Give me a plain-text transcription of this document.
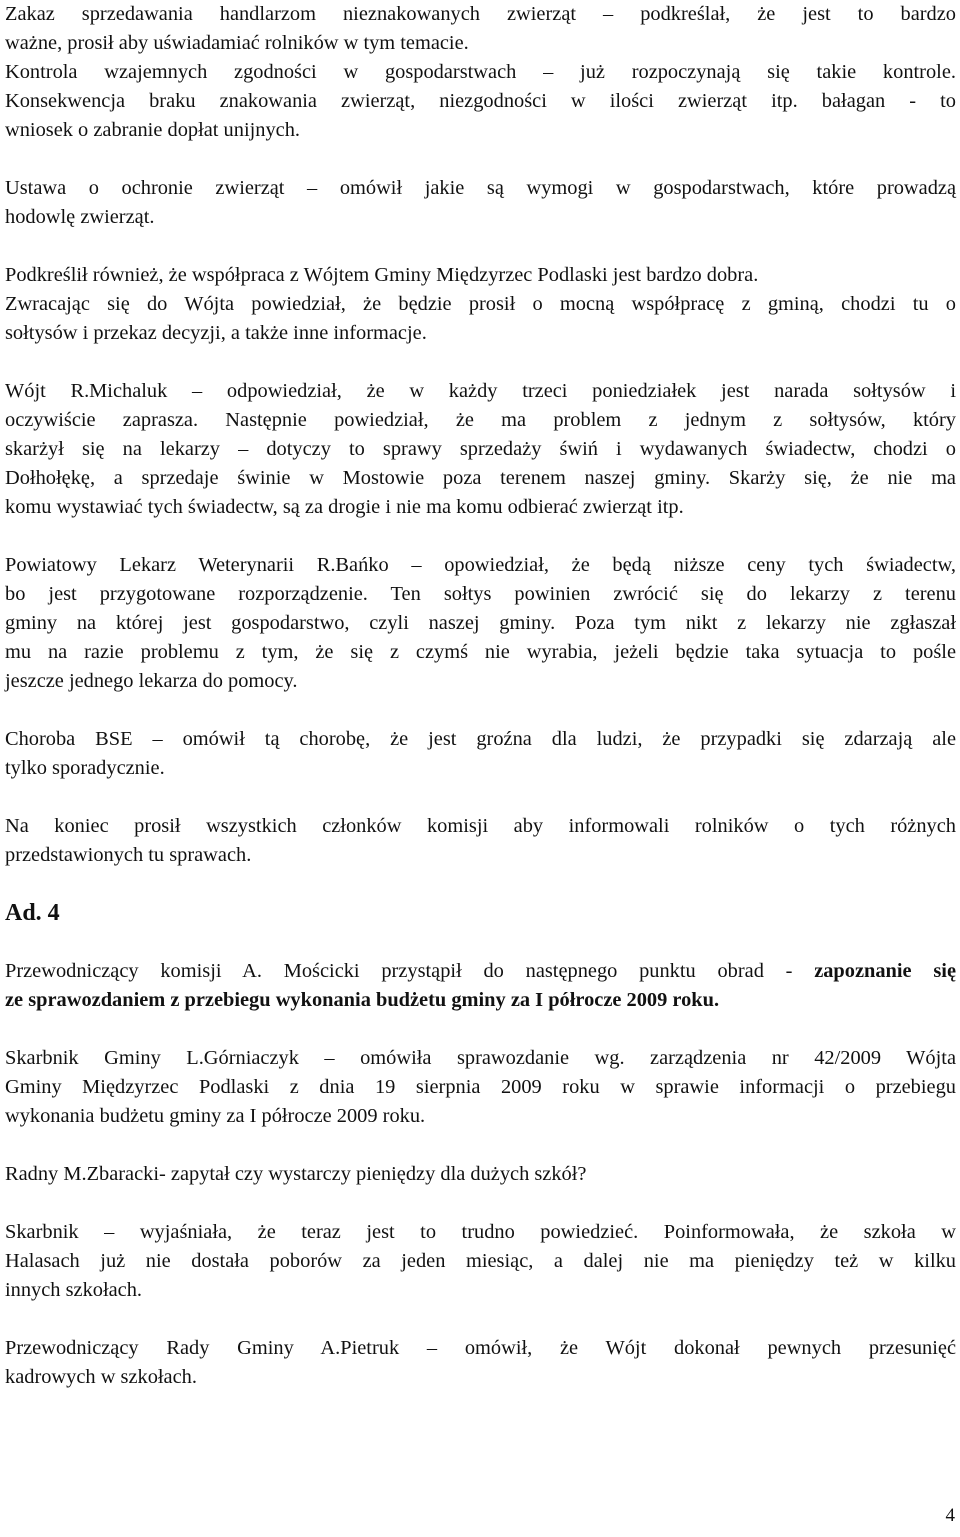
Zakaz sprzedawania handlarzom nieznakowanych zwierząt – podkreślał, że jest to bardzo
ważne, prosił aby uświadamiać rolników w tym temacie.
Kontrola wzajemnych zgodności w gospodarstwach – już rozpoczynają się takie kontrole.
Konsekwencja braku znakowania zwierząt, niezgodności w ilości zwierząt itp. bałagan - to
wniosek o zabranie dopłat unijnych.
Ustawa o ochronie zwierząt – omówił jakie są wymogi w gospodarstwach, które prowadzą
hodowlę zwierząt.
Podkreślił również, że współpraca z Wójtem Gminy Międzyrzec Podlaski jest bardzo dobra.
Zwracając się do Wójta powiedział, że będzie prosił o mocną współpracę z gminą, chodzi tu o
sołtysów i przekaz decyzji, a także inne informacje.
Wójt R.Michaluk – odpowiedział, że w każdy trzeci poniedziałek jest narada sołtysów i
oczywiście zaprasza. Następnie powiedział, że ma problem z jednym z sołtysów, który
skarżył się na lekarzy – dotyczy to sprawy sprzedaży świń i wydawanych świadectw, chodzi o
Dołhołękę, a sprzedaje świnie w Mostowie poza terenem naszej gminy. Skarży się, że nie ma
komu wystawiać tych świadectw, są za drogie i nie ma komu odbierać zwierząt itp.
Powiatowy Lekarz Weterynarii R.Bańko – opowiedział, że będą niższe ceny tych świadectw,
bo jest przygotowane rozporządzenie. Ten sołtys powinien zwrócić się do lekarzy z terenu
gminy na której jest gospodarstwo, czyli naszej gminy. Poza tym nikt z lekarzy nie zgłaszał
mu na razie problemu z tym, że się z czymś nie wyrabia, jeżeli będzie taka sytuacja to pośle
jeszcze jednego lekarza do pomocy.
Choroba BSE – omówił tą chorobę, że jest groźna dla ludzi, że przypadki się zdarzają ale
tylko sporadycznie.
Na koniec prosił wszystkich członków komisji aby informowali rolników o tych różnych
przedstawionych tu sprawach.
Ad. 4
Przewodniczący komisji A. Mościcki przystąpił do następnego punktu obrad - zapoznanie się
ze sprawozdaniem z przebiegu wykonania budżetu gminy za I półrocze 2009 roku.
Skarbnik Gminy L.Górniaczyk – omówiła sprawozdanie wg. zarządzenia nr 42/2009 Wójta
Gminy Międzyrzec Podlaski z dnia 19 sierpnia 2009 roku w sprawie informacji o przebiegu
wykonania budżetu gminy za I półrocze 2009 roku.
Radny M.Zbaracki- zapytał czy wystarczy pieniędzy dla dużych szkół?
Skarbnik – wyjaśniała, że teraz jest to trudno powiedzieć. Poinformowała, że szkoła w
Halasach już nie dostała poborów za jeden miesiąc, a dalej nie ma pieniędzy też w kilku
innych szkołach.
Przewodniczący Rady Gminy A.Pietruk – omówił, że Wójt dokonał pewnych przesunięć
kadrowych w szkołach.
4
